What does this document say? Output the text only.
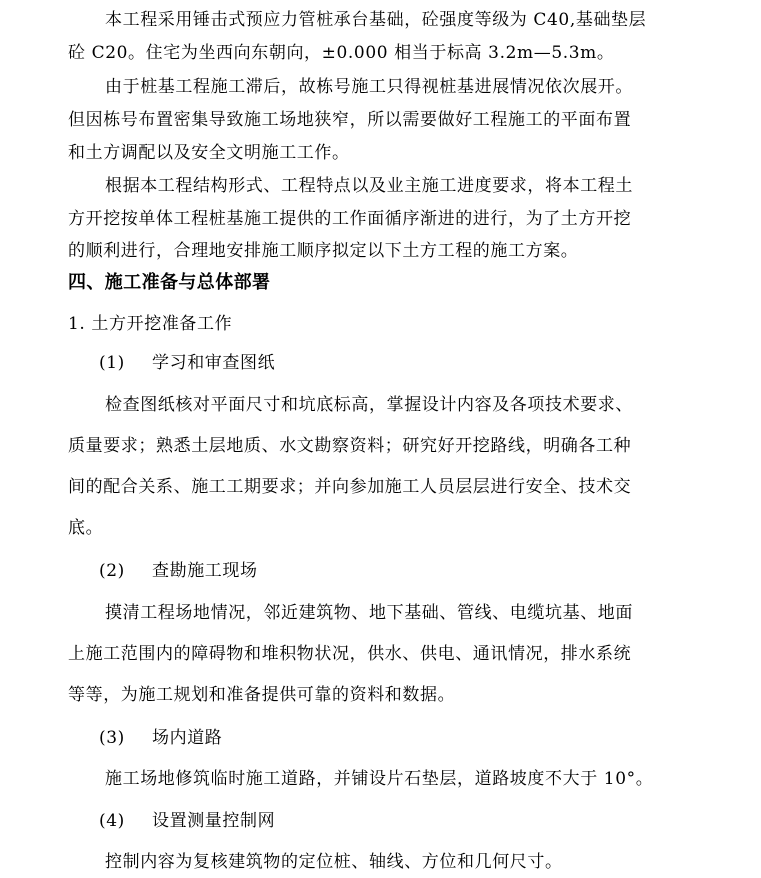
本工程采用锤击式预应力管桩承台基础，砼强度等级为 C40,基础垫层
砼 C20。住宅为坐西向东朝向，±0.000 相当于标高 3.2m—5.3m。
由于桩基工程施工滞后，故栋号施工只得视桩基进展情况依次展开。
但因栋号布置密集导致施工场地狭窄，所以需要做好工程施工的平面布置
和土方调配以及安全文明施工工作。
根据本工程结构形式、工程特点以及业主施工进度要求，将本工程土
方开挖按单体工程桩基施工提供的工作面循序渐进的进行，为了土方开挖
的顺利进行，合理地安排施工顺序拟定以下土方工程的施工方案。
四、施工准备与总体部署
1. 土方开挖准备工作
(1) 学习和审查图纸
检查图纸核对平面尺寸和坑底标高，掌握设计内容及各项技术要求、
质量要求；熟悉土层地质、水文勘察资料；研究好开挖路线，明确各工种
间的配合关系、施工工期要求；并向参加施工人员层层进行安全、技术交
底。
(2) 查勘施工现场
摸清工程场地情况，邻近建筑物、地下基础、管线、电缆坑基、地面
上施工范围内的障碍物和堆积物状况，供水、供电、通讯情况，排水系统
等等，为施工规划和准备提供可靠的资料和数据。
(3) 场内道路
施工场地修筑临时施工道路，并铺设片石垫层，道路坡度不大于 10°。
(4) 设置测量控制网
控制内容为复核建筑物的定位桩、轴线、方位和几何尺寸。
